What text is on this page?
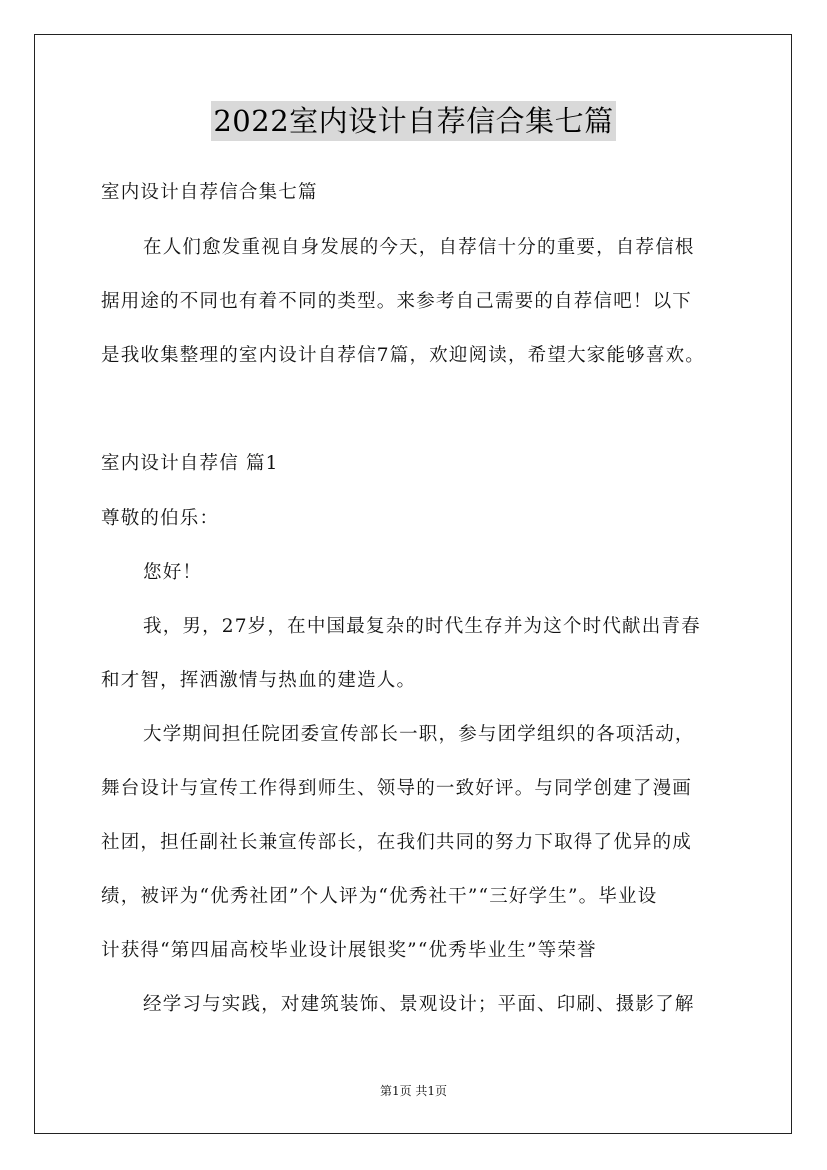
2022室内设计自荐信合集七篇
室内设计自荐信合集七篇
在人们愈发重视自身发展的今天，自荐信十分的重要，自荐信根
据用途的不同也有着不同的类型。来参考自己需要的自荐信吧！以下
是我收集整理的室内设计自荐信7篇，欢迎阅读，希望大家能够喜欢。
室内设计自荐信 篇1
尊敬的伯乐：
您好！
我，男，27岁，在中国最复杂的时代生存并为这个时代献出青春
和才智，挥洒激情与热血的建造人。
大学期间担任院团委宣传部长一职，参与团学组织的各项活动，
舞台设计与宣传工作得到师生、领导的一致好评。与同学创建了漫画
社团，担任副社长兼宣传部长，在我们共同的努力下取得了优异的成
绩，被评为“优秀社团”个人评为“优秀社干”“三好学生”。毕业设
计获得“第四届高校毕业设计展银奖”“优秀毕业生”等荣誉
经学习与实践，对建筑装饰、景观设计；平面、印刷、摄影了解
第1页 共1页
